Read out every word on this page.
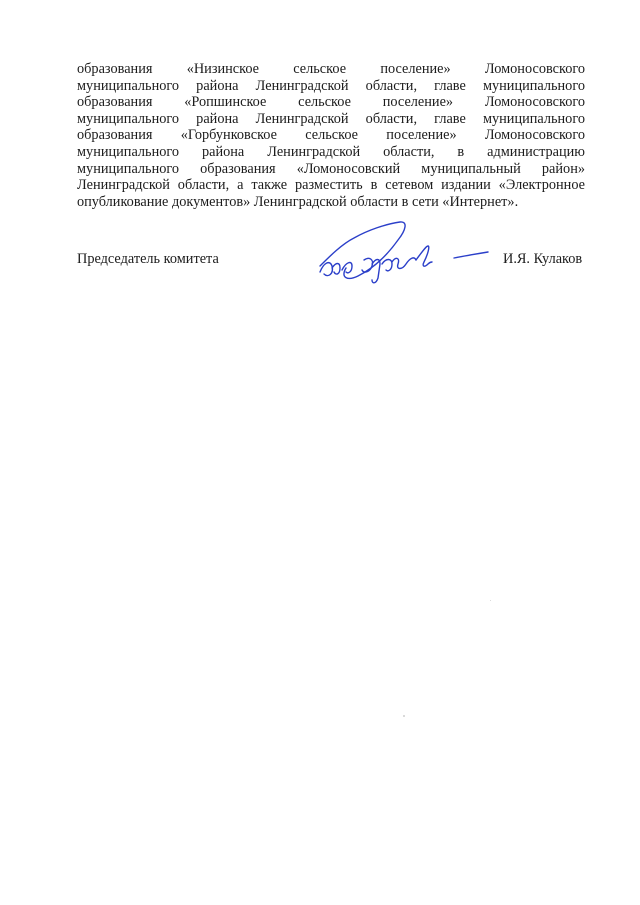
образования «Низинское сельское поселение» Ломоносовского
муниципального района Ленинградской области, главе муниципального
образования «Ропшинское сельское поселение» Ломоносовского
муниципального района Ленинградской области, главе муниципального
образования «Горбунковское сельское поселение» Ломоносовского
муниципального района Ленинградской области, в администрацию
муниципального образования «Ломоносовский муниципальный район»
Ленинградской области, а также разместить в сетевом издании «Электронное
опубликование документов» Ленинградской области в сети «Интернет».
Председатель комитета	И.Я. Кулаков
